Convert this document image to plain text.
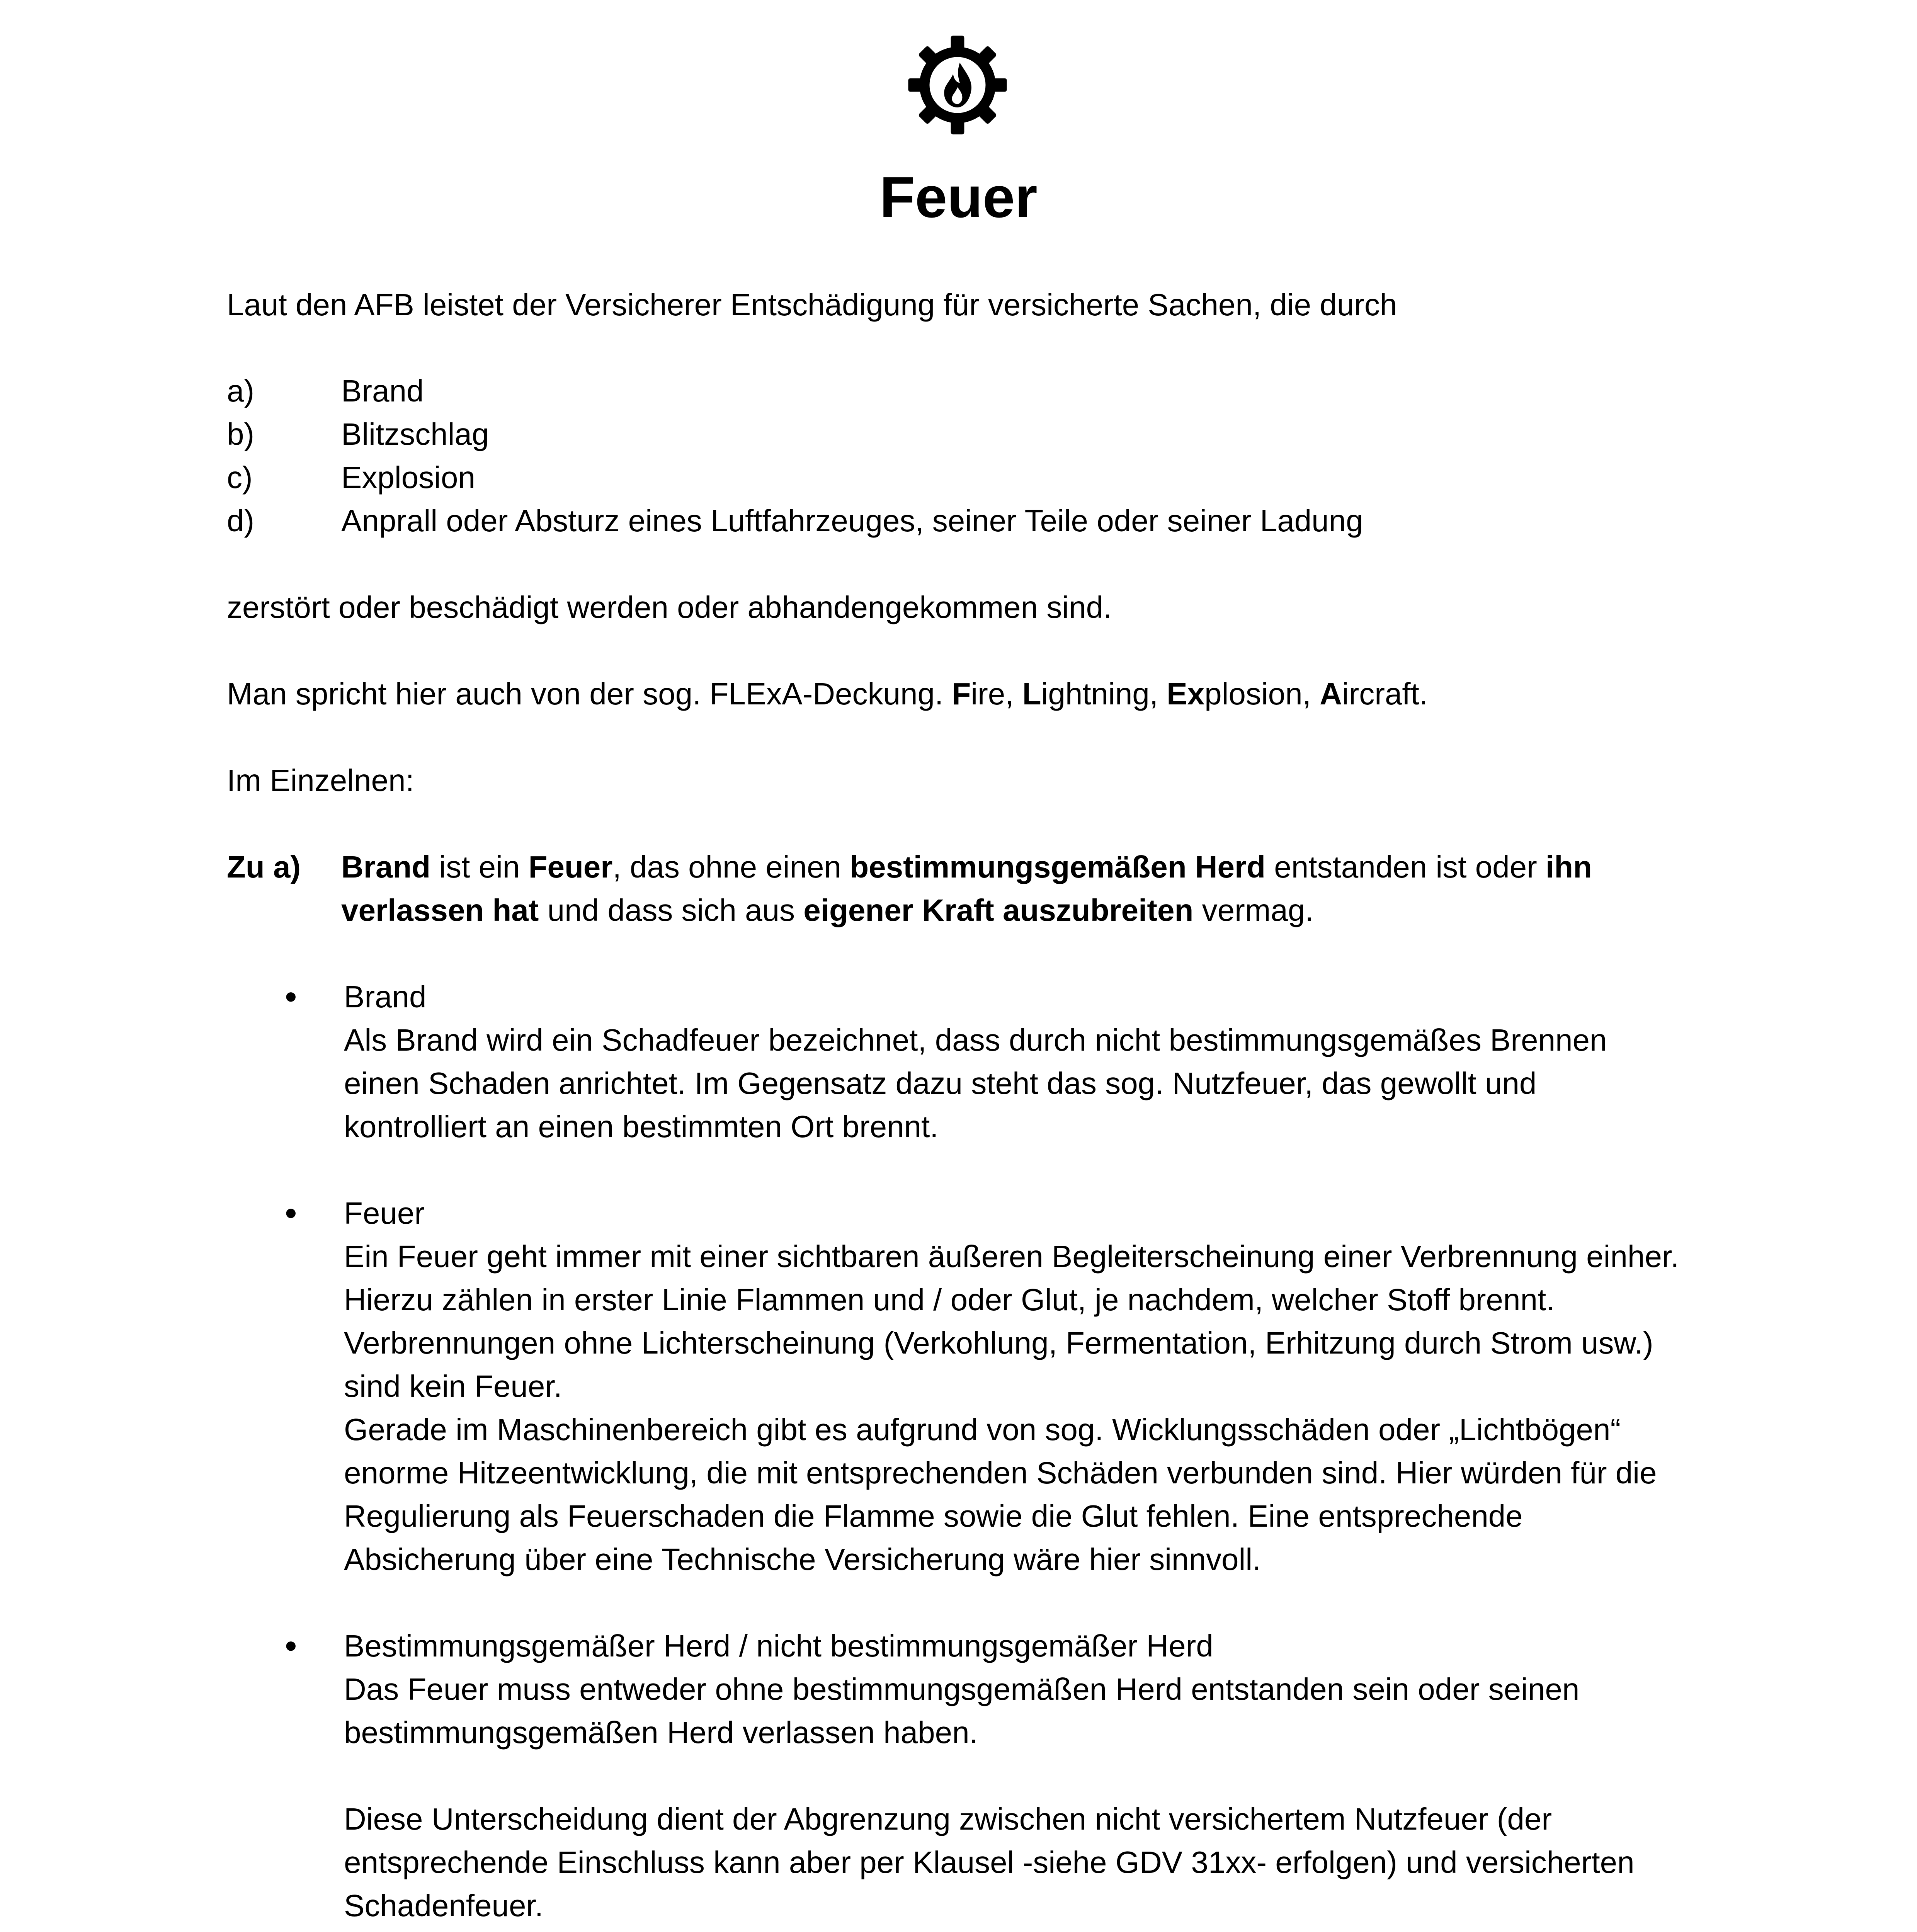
Feuer

Laut den AFB leistet der Versicherer Entschädigung für versicherte Sachen, die durch

a)	Brand
b)	Blitzschlag
c)	Explosion
d)	Anprall oder Absturz eines Luftfahrzeuges, seiner Teile oder seiner Ladung

zerstört oder beschädigt werden oder abhandengekommen sind.

Man spricht hier auch von der sog. FLExA-Deckung. Fire, Lightning, Explosion, Aircraft.

Im Einzelnen:

Zu a) Brand ist ein Feuer, das ohne einen bestimmungsgemäßen Herd entstanden ist oder ihn verlassen hat und dass sich aus eigener Kraft auszubreiten vermag.

• Brand

Als Brand wird ein Schadfeuer bezeichnet, dass durch nicht bestimmungsgemäßes Brennen einen Schaden anrichtet. Im Gegensatz dazu steht das sog. Nutzfeuer, das gewollt und kontrolliert an einen bestimmten Ort brennt.

• Feuer

Ein Feuer geht immer mit einer sichtbaren äußeren Begleiterscheinung einer Verbrennung einher. Hierzu zählen in erster Linie Flammen und / oder Glut, je nachdem, welcher Stoff brennt. Verbrennungen ohne Lichterscheinung (Verkohlung, Fermentation, Erhitzung durch Strom usw.) sind kein Feuer.

Gerade im Maschinenbereich gibt es aufgrund von sog. Wicklungsschäden oder „Lichtbögen“ enorme Hitzeentwicklung, die mit entsprechenden Schäden verbunden sind. Hier würden für die Regulierung als Feuerschaden die Flamme sowie die Glut fehlen. Eine entsprechende Absicherung über eine Technische Versicherung wäre hier sinnvoll.

• Bestimmungsgemäßer Herd / nicht bestimmungsgemäßer Herd

Das Feuer muss entweder ohne bestimmungsgemäßen Herd entstanden sein oder seinen bestimmungsgemäßen Herd verlassen haben.

Diese Unterscheidung dient der Abgrenzung zwischen nicht versichertem Nutzfeuer (der entsprechende Einschluss kann aber per Klausel -siehe GDV 31xx- erfolgen) und versicherten Schadenfeuer.
